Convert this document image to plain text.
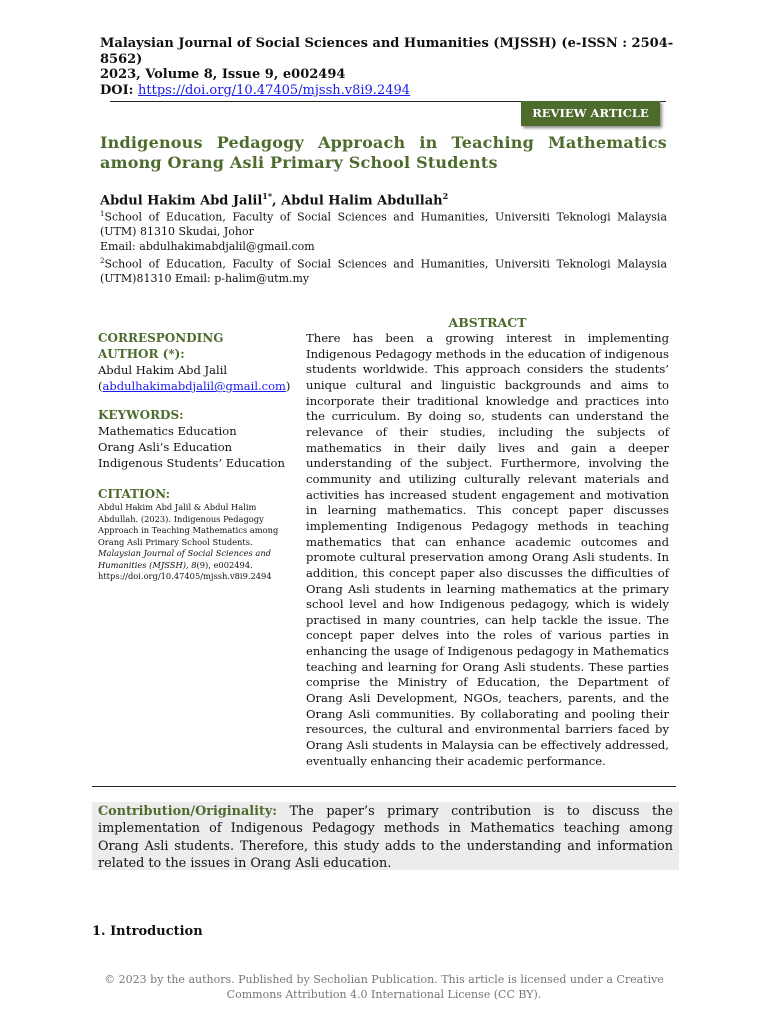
Malaysian Journal of Social Sciences and Humanities (MJSSH) (e-ISSN : 2504-8562)
2023, Volume 8, Issue 9, e002494
DOI: https://doi.org/10.47405/mjssh.v8i9.2494
REVIEW ARTICLE
Indigenous Pedagogy Approach in Teaching Mathematics among Orang Asli Primary School Students
Abdul Hakim Abd Jalil$^{1*}$, Abdul Halim Abdullah$^2$
$^1$School of Education, Faculty of Social Sciences and Humanities, Universiti Teknologi Malaysia (UTM) 81310 Skudai, Johor
Email: abdulhakimabdjalil@gmail.com
$^2$School of Education, Faculty of Social Sciences and Humanities, Universiti Teknologi Malaysia (UTM)81310 Email: p-halim@utm.my
CORRESPONDING AUTHOR (*):
Abdul Hakim Abd Jalil
(abdulhakimabdjalil@gmail.com)
KEYWORDS:
Mathematics Education
Orang Asli’s Education
Indigenous Students’ Education
CITATION:
Abdul Hakim Abd Jalil & Abdul Halim Abdullah. (2023). Indigenous Pedagogy Approach in Teaching Mathematics among Orang Asli Primary School Students. Malaysian Journal of Social Sciences and Humanities (MJSSH), 8(9), e002494. https://doi.org/10.47405/mjssh.v8i9.2494
ABSTRACT
There has been a growing interest in implementing Indigenous Pedagogy methods in the education of indigenous students worldwide. This approach considers the students’ unique cultural and linguistic backgrounds and aims to incorporate their traditional knowledge and practices into the curriculum. By doing so, students can understand the relevance of their studies, including the subjects of mathematics in their daily lives and gain a deeper understanding of the subject. Furthermore, involving the community and utilizing culturally relevant materials and activities has increased student engagement and motivation in learning mathematics. This concept paper discusses implementing Indigenous Pedagogy methods in teaching mathematics that can enhance academic outcomes and promote cultural preservation among Orang Asli students. In addition, this concept paper also discusses the difficulties of Orang Asli students in learning mathematics at the primary school level and how Indigenous pedagogy, which is widely practised in many countries, can help tackle the issue. The concept paper delves into the roles of various parties in enhancing the usage of Indigenous pedagogy in Mathematics teaching and learning for Orang Asli students. These parties comprise the Ministry of Education, the Department of Orang Asli Development, NGOs, teachers, parents, and the Orang Asli communities. By collaborating and pooling their resources, the cultural and environmental barriers faced by Orang Asli students in Malaysia can be effectively addressed, eventually enhancing their academic performance.

Contribution/Originality: The paper’s primary contribution is to discuss the implementation of Indigenous Pedagogy methods in Mathematics teaching among Orang Asli students. Therefore, this study adds to the understanding and information related to the issues in Orang Asli education.

1. Introduction
© 2023 by the authors. Published by Secholian Publication. This article is licensed under a Creative Commons Attribution 4.0 International License (CC BY).
